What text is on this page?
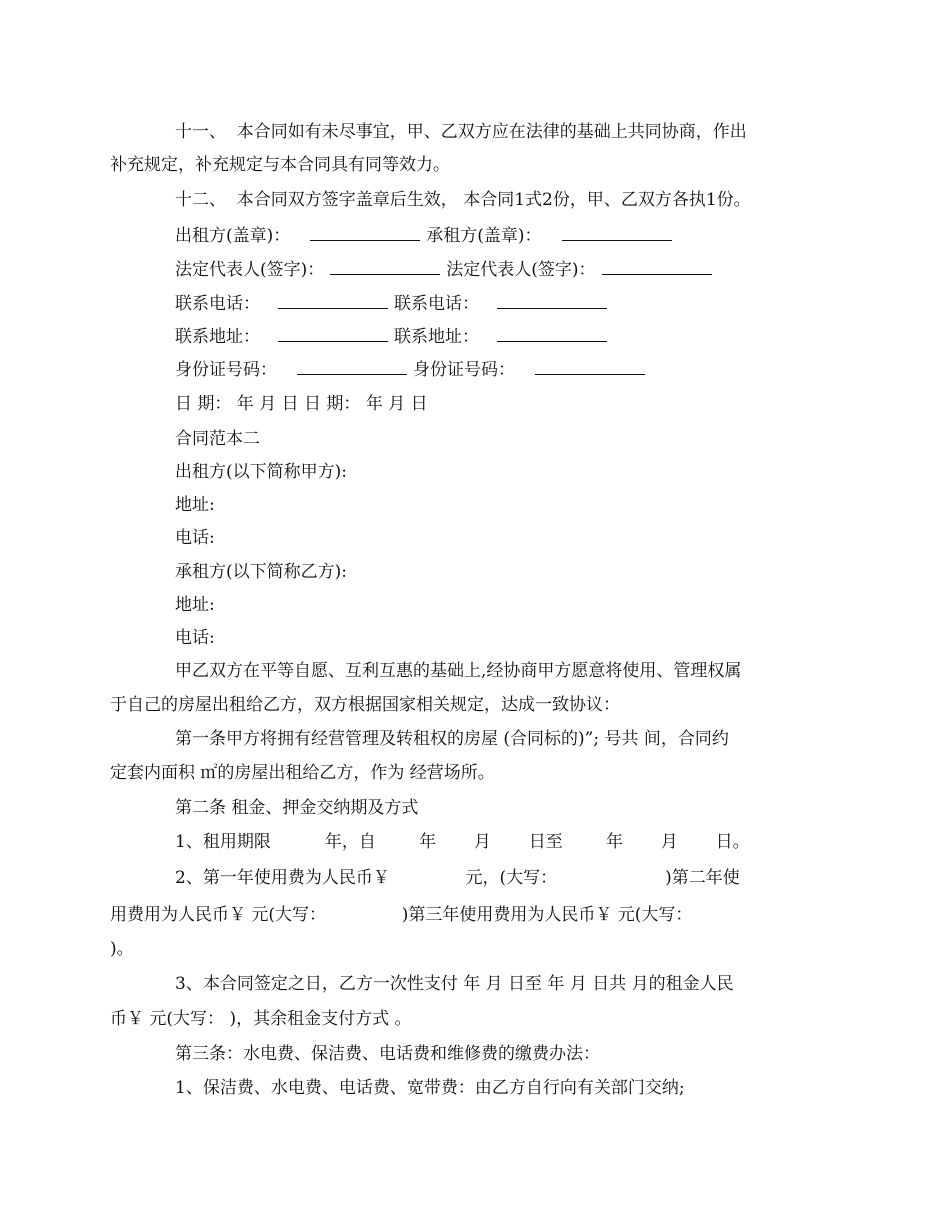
十一、  本合同如有未尽事宜，甲、乙双方应在法律的基础上共同协商，作出
补充规定，补充规定与本合同具有同等效力。
十二、  本合同双方签字盖章后生效， 本合同1式2份，甲、乙双方各执1份。
出租方(盖章)：	承租方(盖章)：
法定代表人(签字)：	法定代表人(签字)：
联系电话：	联系电话：
联系地址：	联系地址：
身份证号码：	身份证号码：
日 期： 年 月 日 日 期： 年 月 日
合同范本二
出租方(以下简称甲方):
地址:
电话:
承租方(以下简称乙方):
地址:
电话:
甲乙双方在平等自愿、互利互惠的基础上,经协商甲方愿意将使用、管理权属
于自己的房屋出租给乙方，双方根据国家相关规定，达成一致协议：
第一条甲方将拥有经营管理及转租权的房屋 (合同标的)”; 号共 间，合同约
定套内面积 ㎡的房屋出租给乙方，作为 经营场所。
第二条 租金、押金交纳期及方式
1、租用期限          年，自        年       月       日至        年       月       日。
2、第一年使用费为人民币￥              元，(大写：                    )第二年使
用费用为人民币￥ 元(大写：              )第三年使用费用为人民币￥ 元(大写：
)。
3、本合同签定之日，乙方一次性支付 年 月 日至 年 月 日共 月的租金人民
币￥ 元(大写： )，其余租金支付方式 。
第三条：水电费、保洁费、电话费和维修费的缴费办法：
1、保洁费、水电费、电话费、宽带费：由乙方自行向有关部门交纳;
